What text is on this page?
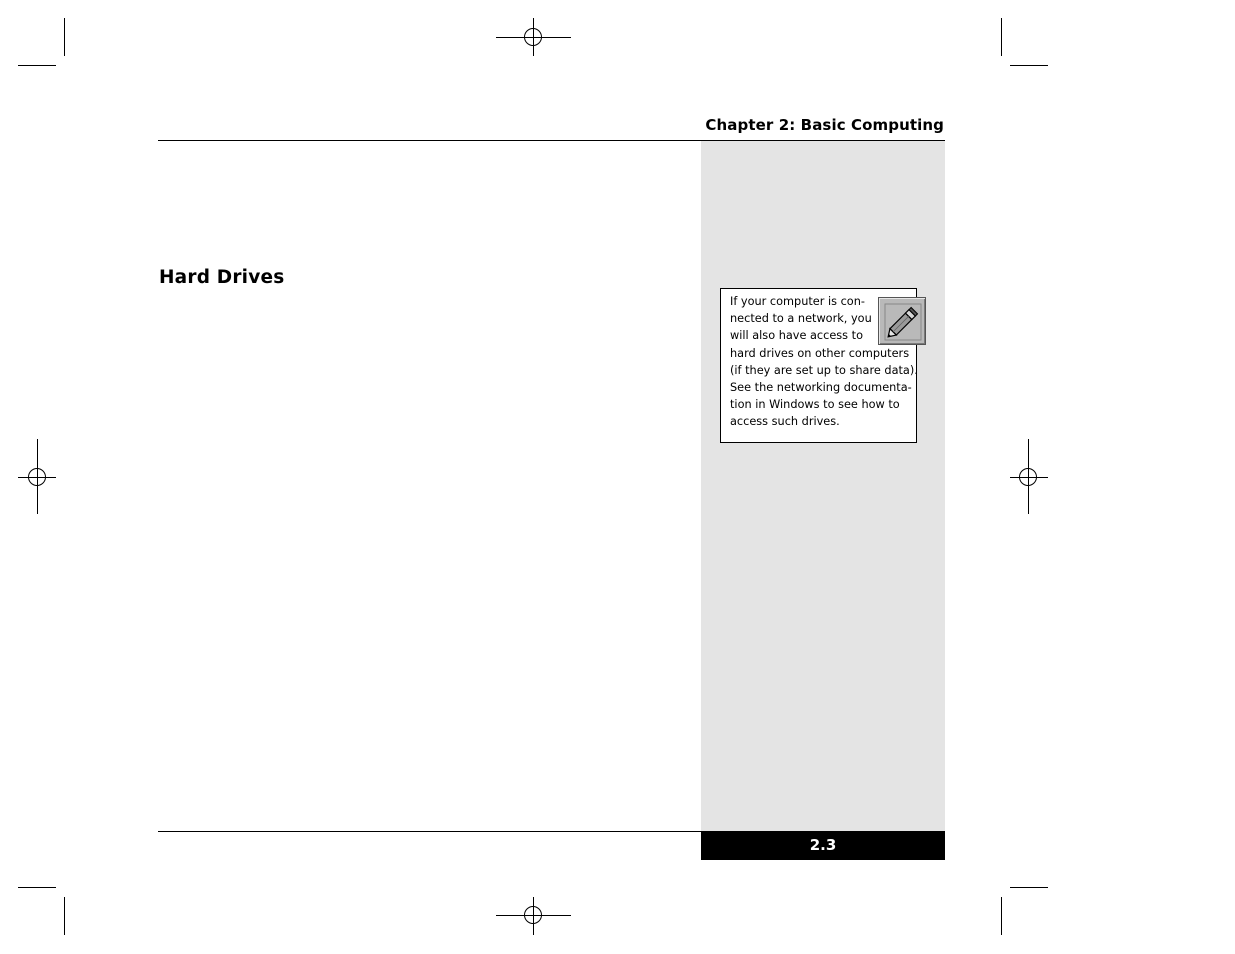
Chapter 2: Basic Computing
Hard Drives
If your computer is con-
nected to a network, you
will also have access to
hard drives on other computers
(if they are set up to share data).
See the networking documenta-
tion in Windows to see how to
access such drives.
2.3
